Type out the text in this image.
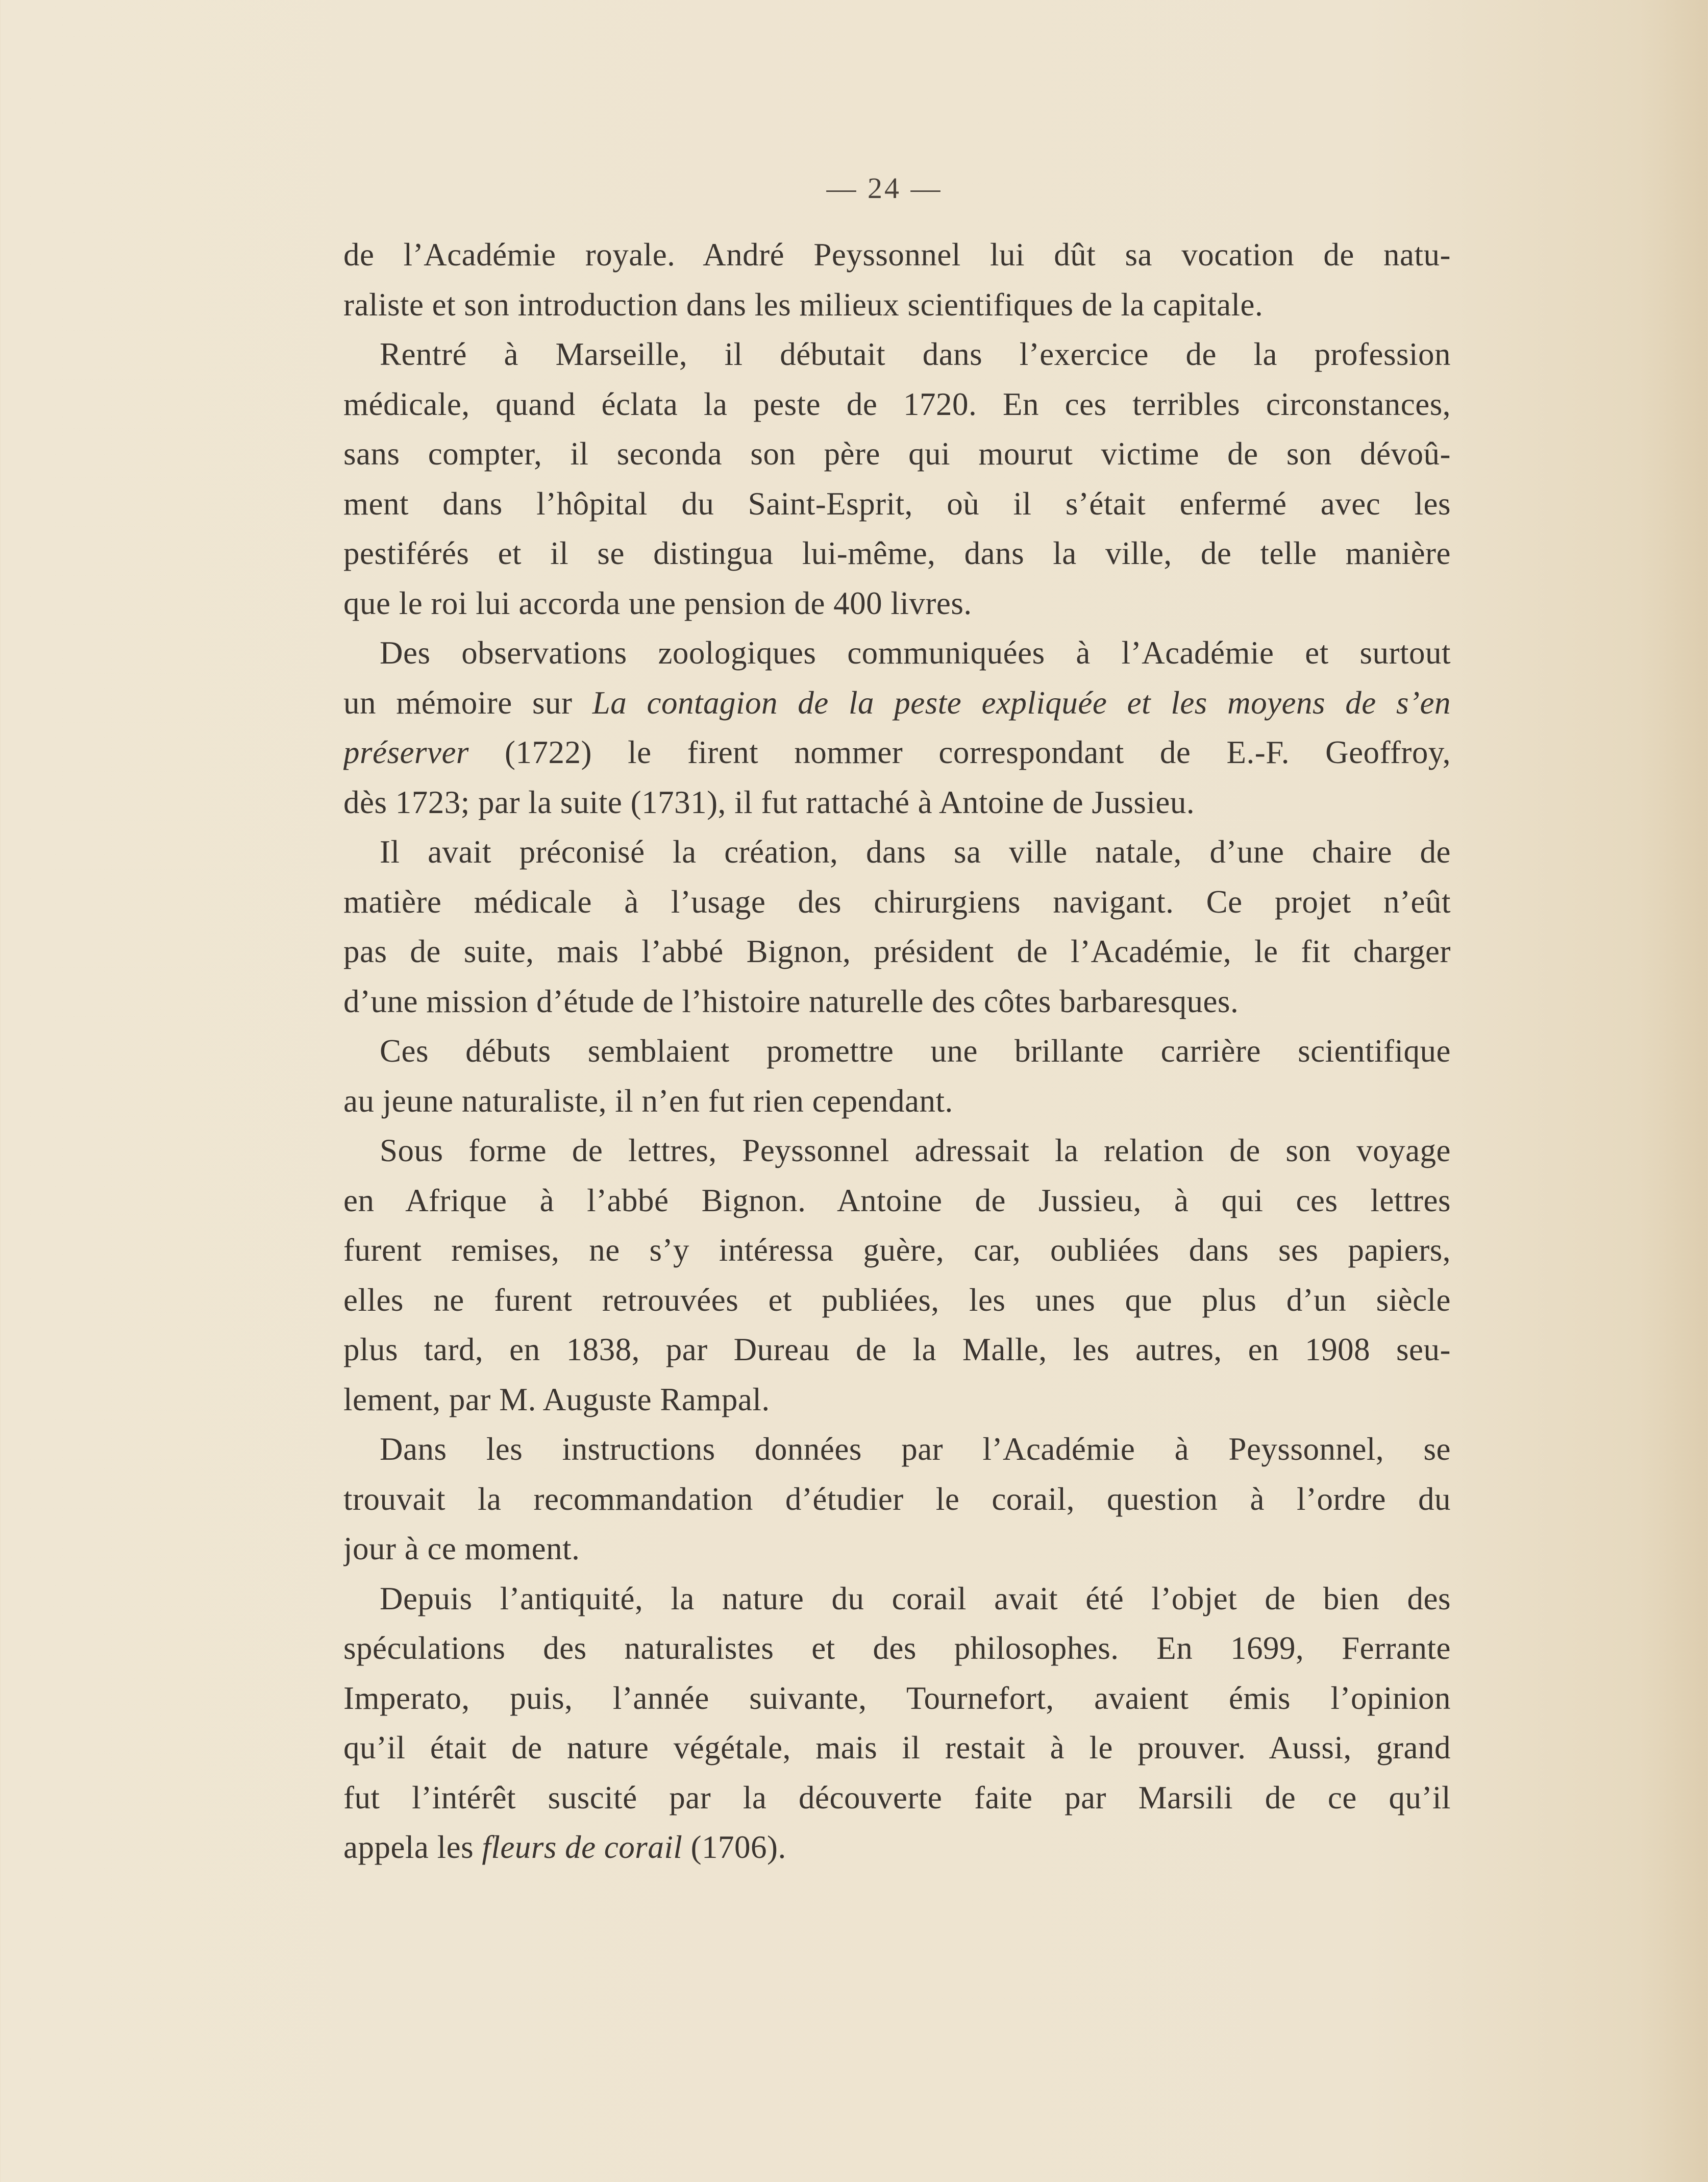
— 24 —
de l’Académie royale. André Peyssonnel lui dût sa vocation de natu-
raliste et son introduction dans les milieux scientifiques de la capitale.
Rentré à Marseille, il débutait dans l’exercice de la profession
médicale, quand éclata la peste de 1720. En ces terribles circonstances,
sans compter, il seconda son père qui mourut victime de son dévoû-
ment dans l’hôpital du Saint-Esprit, où il s’était enfermé avec les
pestiférés et il se distingua lui-même, dans la ville, de telle manière
que le roi lui accorda une pension de 400 livres.
Des observations zoologiques communiquées à l’Académie et surtout
un mémoire sur La contagion de la peste expliquée et les moyens de s’en
préserver (1722) le firent nommer correspondant de E.-F. Geoffroy,
dès 1723; par la suite (1731), il fut rattaché à Antoine de Jussieu.
Il avait préconisé la création, dans sa ville natale, d’une chaire de
matière médicale à l’usage des chirurgiens navigant. Ce projet n’eût
pas de suite, mais l’abbé Bignon, président de l’Académie, le fit charger
d’une mission d’étude de l’histoire naturelle des côtes barbaresques.
Ces débuts semblaient promettre une brillante carrière scientifique
au jeune naturaliste, il n’en fut rien cependant.
Sous forme de lettres, Peyssonnel adressait la relation de son voyage
en Afrique à l’abbé Bignon. Antoine de Jussieu, à qui ces lettres
furent remises, ne s’y intéressa guère, car, oubliées dans ses papiers,
elles ne furent retrouvées et publiées, les unes que plus d’un siècle
plus tard, en 1838, par Dureau de la Malle, les autres, en 1908 seu-
lement, par M. Auguste Rampal.
Dans les instructions données par l’Académie à Peyssonnel, se
trouvait la recommandation d’étudier le corail, question à l’ordre du
jour à ce moment.
Depuis l’antiquité, la nature du corail avait été l’objet de bien des
spéculations des naturalistes et des philosophes. En 1699, Ferrante
Imperato, puis, l’année suivante, Tournefort, avaient émis l’opinion
qu’il était de nature végétale, mais il restait à le prouver. Aussi, grand
fut l’intérêt suscité par la découverte faite par Marsili de ce qu’il
appela les fleurs de corail (1706).
